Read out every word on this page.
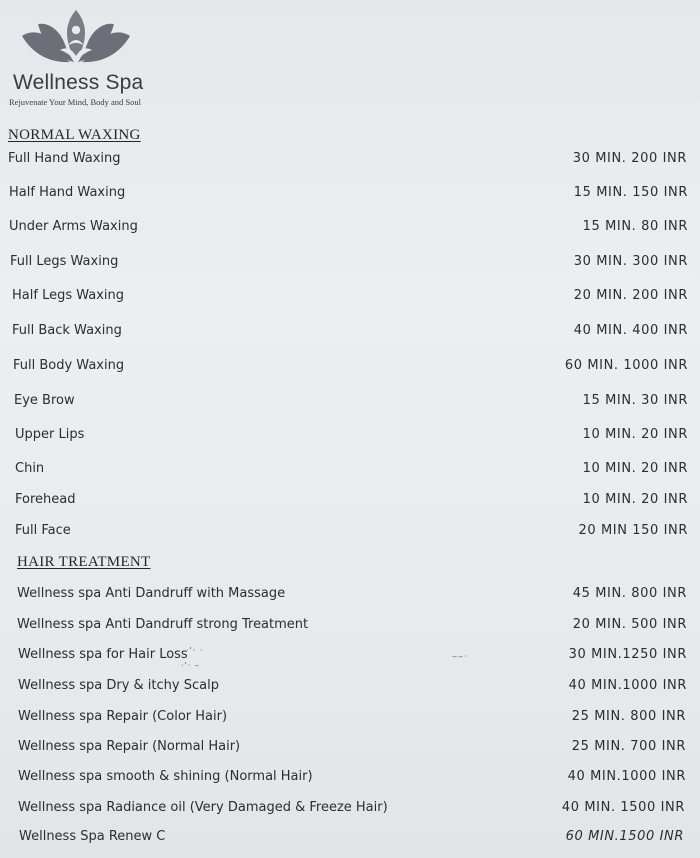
Wellness Spa
Rejuvenate Your Mind, Body and Soul
NORMAL WAXING
Full Hand Waxing	30 MIN. 200 INR
Half Hand Waxing	15 MIN. 150 INR
Under Arms Waxing	15 MIN. 80 INR
Full Legs Waxing	30 MIN. 300 INR
Half Legs Waxing	20 MIN. 200 INR
Full Back Waxing	40 MIN. 400 INR
Full Body Waxing	60 MIN. 1000 INR
Eye Brow	15 MIN. 30 INR
Upper Lips	10 MIN. 20 INR
Chin	10 MIN. 20 INR
Forehead	10 MIN. 20 INR
Full Face	20 MIN 150 INR
HAIR TREATMENT
Wellness spa Anti Dandruff with Massage	45 MIN. 800 INR
Wellness spa Anti Dandruff strong Treatment	20 MIN. 500 INR
Wellness spa for Hair Loss	30 MIN.1250 INR
Wellness spa Dry & itchy Scalp	40 MIN.1000 INR
Wellness spa Repair (Color Hair)	25 MIN. 800 INR
Wellness spa Repair (Normal Hair)	25 MIN. 700 INR
Wellness spa smooth & shining (Normal Hair)	40 MIN.1000 INR
Wellness spa Radiance oil (Very Damaged & Freeze Hair)	40 MIN. 1500 INR
Wellness Spa Renew C	60 MIN.1500 INR
·'· ·
·'· –
‒‒·
